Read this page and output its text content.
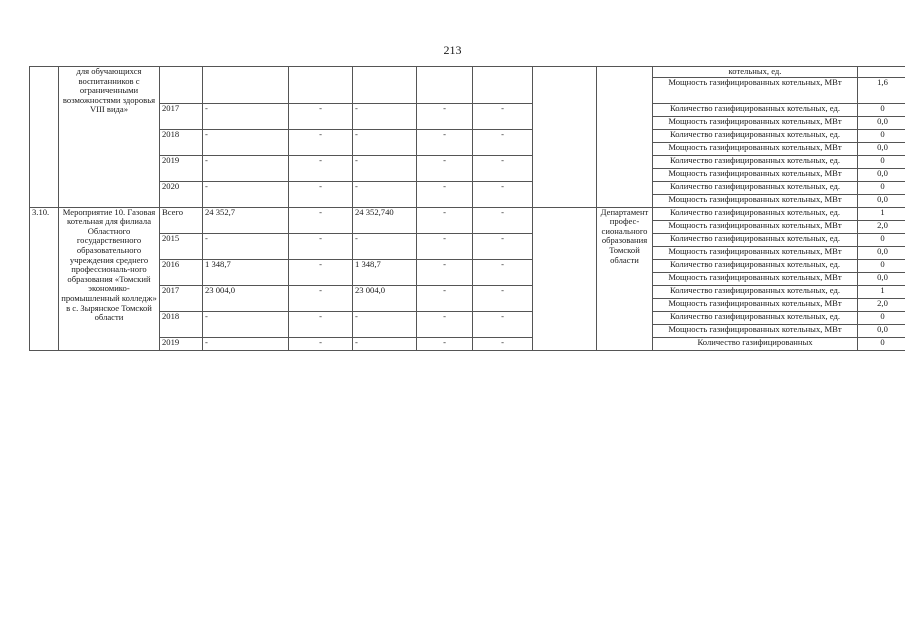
213
	для обучающихся воспитанников с ограниченными возможностями здоровья VIII вида»									котельных, ед.	
										Мощность газифицированных котельных, МВт	1,6
		2017	-	-	-	-	-			Количество газифицированных котельных, ед.	0
										Мощность газифицированных котельных, МВт	0,0
		2018	-	-	-	-	-			Количество газифицированных котельных, ед.	0
										Мощность газифицированных котельных, МВт	0,0
		2019	-	-	-	-	-			Количество газифицированных котельных, ед.	0
										Мощность газифицированных котельных, МВт	0,0
		2020	-	-	-	-	-			Количество газифицированных котельных, ед.	0
										Мощность газифицированных котельных, МВт	0,0
3.10.	Мероприятие 10. Газовая котельная для филиала Областного государственного образовательного учреждения среднего профессиональ-ного образования «Томский экономико-промышленный колледж» в с. Зырянское Томской области	Всего	24 352,7	-	24 352,740	-	-		Департамент профес-сионального образования Томской области	Количество газифицированных котельных, ед.	1
										Мощность газифицированных котельных, МВт	2,0
		2015	-	-	-	-	-			Количество газифицированных котельных, ед.	0
										Мощность газифицированных котельных, МВт	0,0
		2016	1 348,7	-	1 348,7	-	-			Количество газифицированных котельных, ед.	0
										Мощность газифицированных котельных, МВт	0,0
		2017	23 004,0	-	23 004,0	-	-			Количество газифицированных котельных, ед.	1
										Мощность газифицированных котельных, МВт	2,0
		2018	-	-	-	-	-			Количество газифицированных котельных, ед.	0
										Мощность газифицированных котельных, МВт	0,0
		2019	-	-	-	-	-			Количество газифицированных	0
